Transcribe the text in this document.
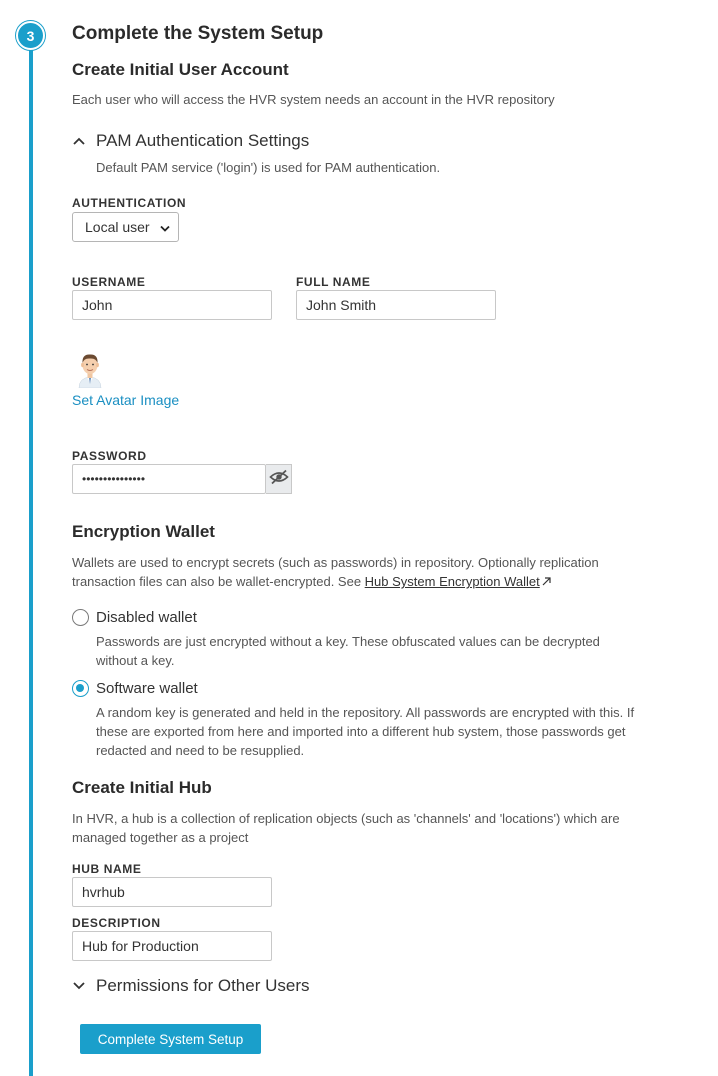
3	Complete the System Setup
Create Initial User Account
Each user who will access the HVR system needs an account in the HVR repository
PAM Authentication Settings
Default PAM service ('login') is used for PAM authentication.
AUTHENTICATION
Local user
USERNAME
John
FULL NAME
John Smith
Set Avatar Image
PASSWORD
•••••••••••••••
Encryption Wallet
Wallets are used to encrypt secrets (such as passwords) in repository. Optionally replication transaction files can also be wallet-encrypted. See Hub System Encryption Wallet
Disabled wallet
Passwords are just encrypted without a key. These obfuscated values can be decrypted without a key.
Software wallet
A random key is generated and held in the repository. All passwords are encrypted with this. If these are exported from here and imported into a different hub system, those passwords get redacted and need to be resupplied.
Create Initial Hub
In HVR, a hub is a collection of replication objects (such as 'channels' and 'locations') which are managed together as a project
HUB NAME
hvrhub
DESCRIPTION
Hub for Production
Permissions for Other Users
Complete System Setup
